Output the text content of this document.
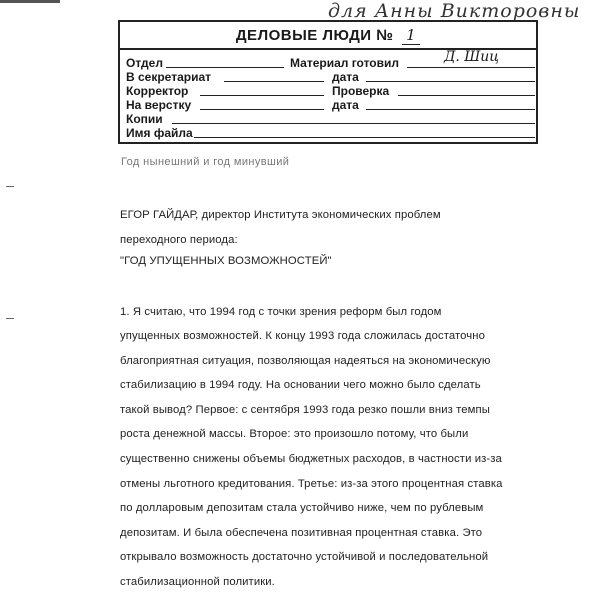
для Анны Викторовны
ДЕЛОВЫЕ ЛЮДИ № 1
Отдел	Материал готовил	Д. Шиц
В секретариат	дата
Корректор	Проверка
На верстку	дата
Копии
Имя файла
Год нынешний и год минувший
ЕГОР ГАЙДАР, директор Института экономических проблем
переходного периода:
"ГОД УПУЩЕННЫХ ВОЗМОЖНОСТЕЙ"
1. Я считаю, что 1994 год с точки зрения реформ был годом
упущенных возможностей. К концу 1993 года сложилась достаточно
благоприятная ситуация, позволяющая надеяться на экономическую
стабилизацию в 1994 году. На основании чего можно было сделать
такой вывод? Первое: с сентября 1993 года резко пошли вниз темпы
роста денежной массы. Второе: это произошло потому, что были
существенно снижены объемы бюджетных расходов, в частности из-за
отмены льготного кредитования. Третье: из-за этого процентная ставка
по долларовым депозитам стала устойчиво ниже, чем по рублевым
депозитам. И была обеспечена позитивная процентная ставка. Это
открывало возможность достаточно устойчивой и последовательной
стабилизационной политики.
